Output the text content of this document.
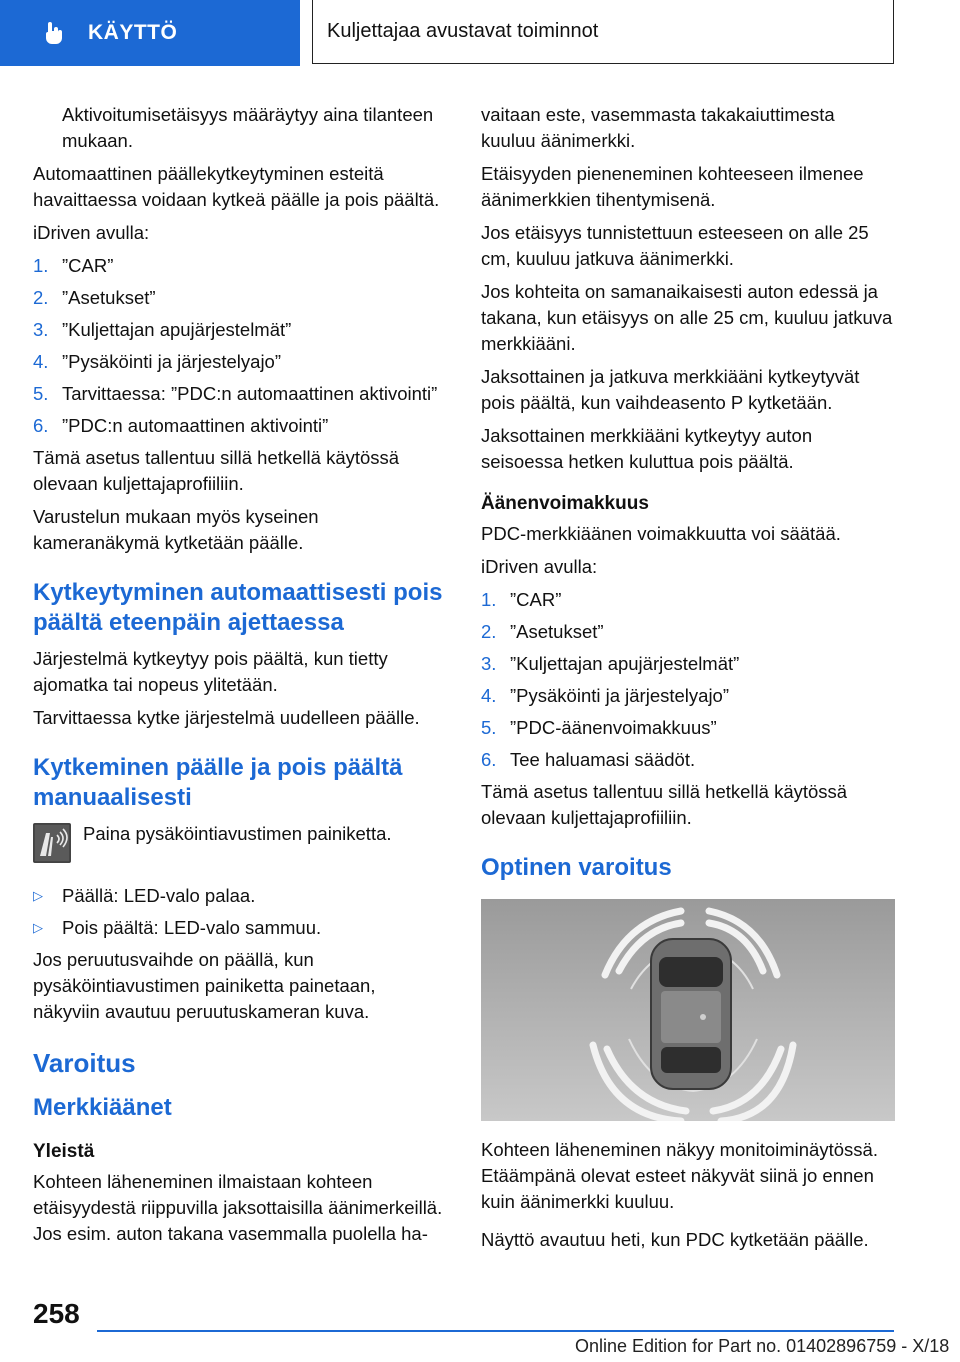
KÄYTTÖ	Kuljettajaa avustavat toiminnot

Aktivoitumisetäisyys määräytyy aina tilanteen mukaan.

Automaattinen päällekytkeytyminen esteitä havaittaessa voidaan kytkeä päälle ja pois päältä.

iDriven avulla:

1. ”CAR”
2. ”Asetukset”
3. ”Kuljettajan apujärjestelmät”
4. ”Pysäköinti ja järjestelyajo”
5. Tarvittaessa: ”PDC:n automaattinen aktivointi”
6. ”PDC:n automaattinen aktivointi”

Tämä asetus tallentuu sillä hetkellä käytössä olevaan kuljettajaprofiiliin.

Varustelun mukaan myös kyseinen kameranäkymä kytketään päälle.

Kytkeytyminen automaattisesti pois päältä eteenpäin ajettaessa

Järjestelmä kytkeytyy pois päältä, kun tietty ajomatka tai nopeus ylitetään.

Tarvittaessa kytke järjestelmä uudelleen päälle.

Kytkeminen päälle ja pois päältä manuaalisesti
Paina pysäköintiavustimen painiketta.
▷	Päällä: LED-valo palaa.
▷	Pois päältä: LED-valo sammuu.

Jos peruutusvaihde on päällä, kun pysäköintiavustimen painiketta painetaan, näkyviin avautuu peruutuskameran kuva.

Varoitus
Merkkiäänet
Yleistä

Kohteen läheneminen ilmaistaan kohteen etäisyydestä riippuvilla jaksottaisilla äänimerkeillä. Jos esim. auton takana vasemmalla puolella ha-

vaitaan este, vasemmasta takakaiuttimesta kuuluu äänimerkki.

Etäisyyden pieneneminen kohteeseen ilmenee äänimerkkien tihentymisenä.

Jos etäisyys tunnistettuun esteeseen on alle 25 cm, kuuluu jatkuva äänimerkki.

Jos kohteita on samanaikaisesti auton edessä ja takana, kun etäisyys on alle 25 cm, kuuluu jatkuva merkkiääni.

Jaksottainen ja jatkuva merkkiääni kytkeytyvät pois päältä, kun vaihdeasento P kytketään.

Jaksottainen merkkiääni kytkeytyy auton seisoessa hetken kuluttua pois päältä.

Äänenvoimakkuus

PDC-merkkiäänen voimakkuutta voi säätää.

iDriven avulla:

1. ”CAR”
2. ”Asetukset”
3. ”Kuljettajan apujärjestelmät”
4. ”Pysäköinti ja järjestelyajo”
5. ”PDC-äänenvoimakkuus”
6. Tee haluamasi säädöt.

Tämä asetus tallentuu sillä hetkellä käytössä olevaan kuljettajaprofiiliin.

Optinen varoitus

Kohteen läheneminen näkyy monitoiminäytössä. Etäämpänä olevat esteet näkyvät siinä jo ennen kuin äänimerkki kuuluu.

Näyttö avautuu heti, kun PDC kytketään päälle.

258
Online Edition for Part no. 01402896759 - X/18
